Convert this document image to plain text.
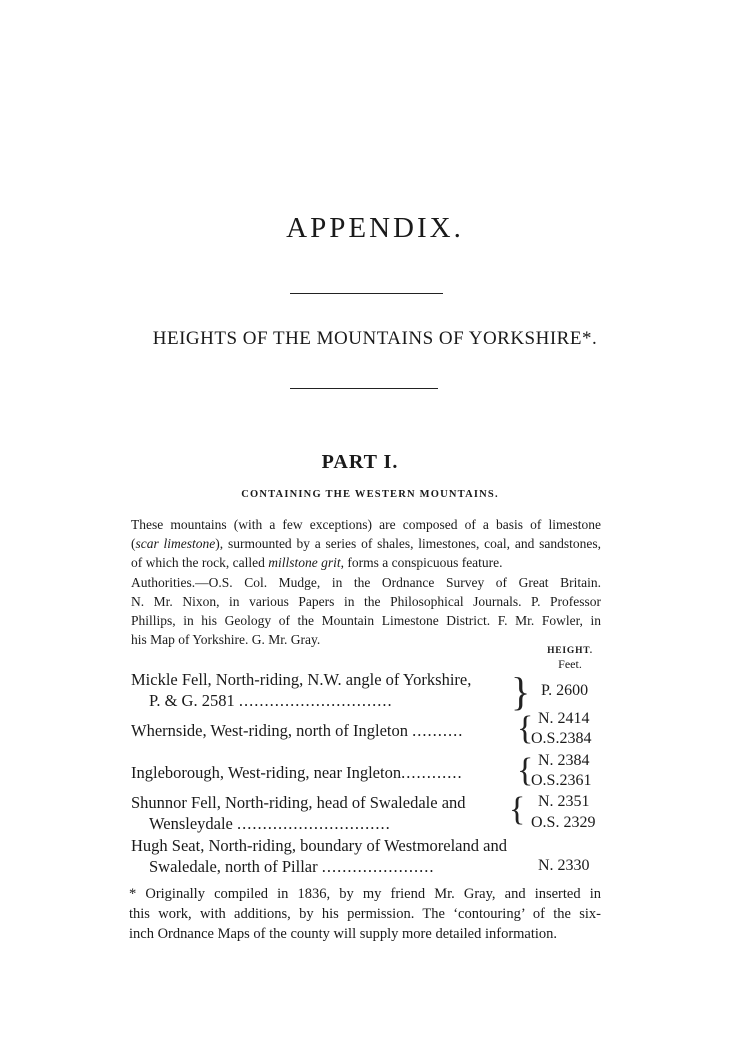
APPENDIX.
HEIGHTS OF THE MOUNTAINS OF YORKSHIRE*.
PART I.
CONTAINING THE WESTERN MOUNTAINS.
These mountains (with a few exceptions) are composed of a basis of limestone
(scar limestone), surmounted by a series of shales, limestones, coal, and sandstones,
of which the rock, called millstone grit, forms a conspicuous feature.
Authorities.—O.S. Col. Mudge, in the Ordnance Survey of Great Britain.
N. Mr. Nixon, in various Papers in the Philosophical Journals. P. Professor
Phillips, in his Geology of the Mountain Limestone District. F. Mr. Fowler, in
his Map of Yorkshire. G. Mr. Gray.
HEIGHT.
Feet.
Mickle Fell, North-riding, N.W. angle of Yorkshire,
P. & G. 2581 ..............................	} P. 2600
Whernside, West-riding, north of Ingleton .......... { N. 2414
O.S.2384
Ingleborough, West-riding, near Ingleton............ { N. 2384
O.S.2361
Shunnor Fell, North-riding, head of Swaledale and
Wensleydale ..............................	{ N. 2351
O.S. 2329
Hugh Seat, North-riding, boundary of Westmoreland and
Swaledale, north of Pillar ......................	N. 2330
* Originally compiled in 1836, by my friend Mr. Gray, and inserted in
this work, with additions, by his permission. The ‘contouring’ of the six-
inch Ordnance Maps of the county will supply more detailed information.
